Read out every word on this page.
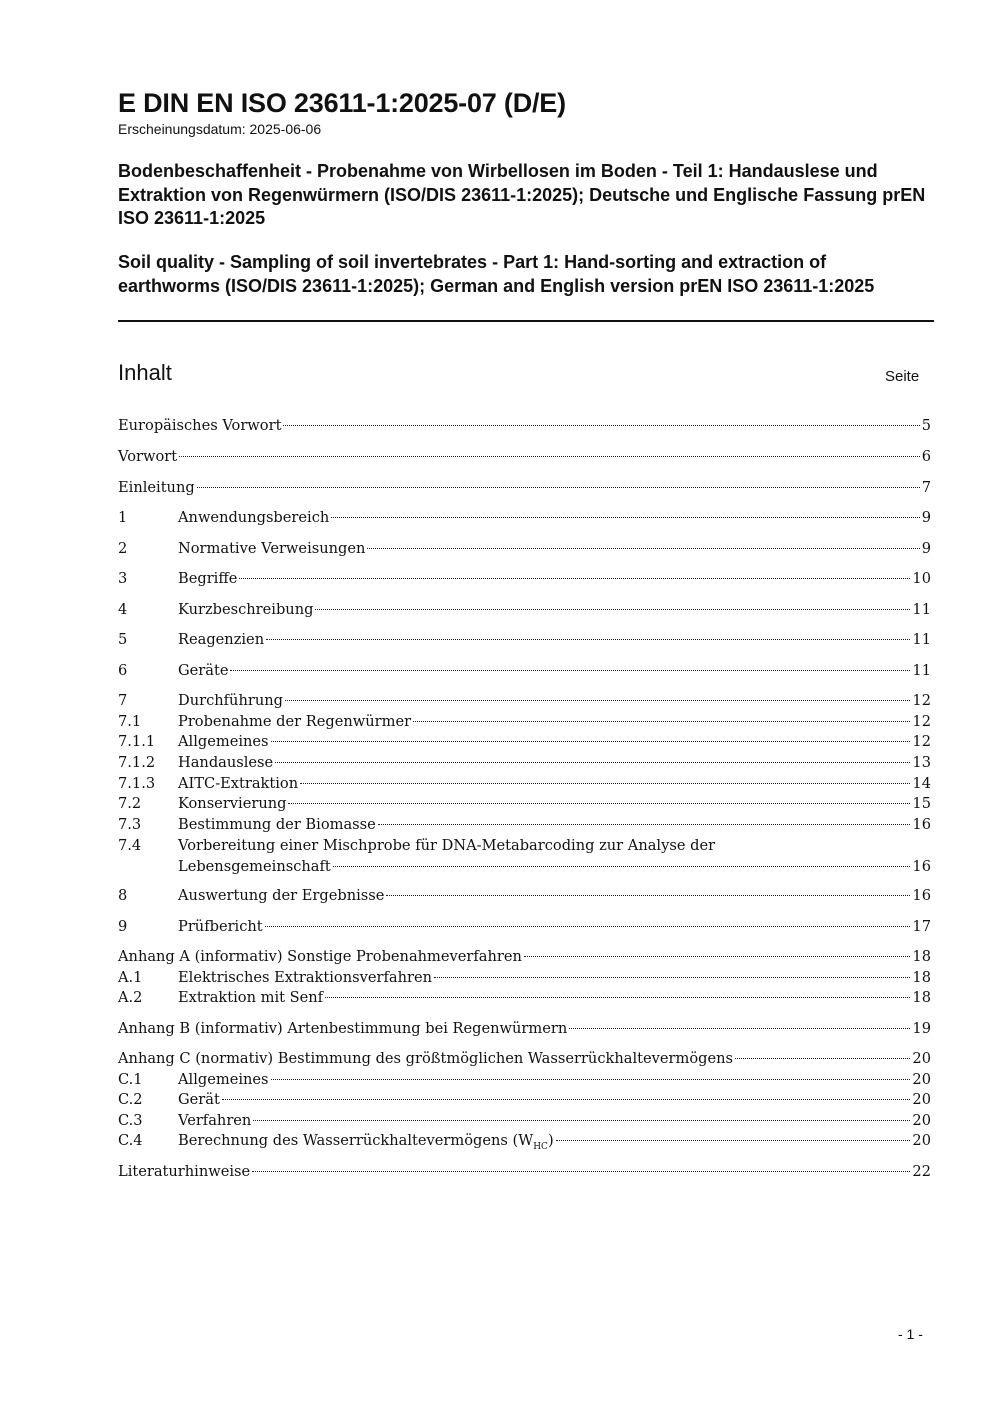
E DIN EN ISO 23611-1:2025-07 (D/E)

Erscheinungsdatum: 2025-06-06

Bodenbeschaffenheit - Probenahme von Wirbellosen im Boden - Teil 1: Handauslese und Extraktion von Regenwürmern (ISO/DIS 23611-1:2025); Deutsche und Englische Fassung prEN ISO 23611-1:2025

Soil quality - Sampling of soil invertebrates - Part 1: Hand-sorting and extraction of earthworms (ISO/DIS 23611-1:2025); German and English version prEN ISO 23611-1:2025

Inhalt	Seite
Europäisches Vorwort	5
Vorwort	6
Einleitung	7
1	Anwendungsbereich	9
2	Normative Verweisungen	9
3	Begriffe	10
4	Kurzbeschreibung	11
5	Reagenzien	11
6	Geräte	11
7	Durchführung	12
7.1	Probenahme der Regenwürmer	12
7.1.1	Allgemeines	12
7.1.2	Handauslese	13
7.1.3	AITC-Extraktion	14
7.2	Konservierung	15
7.3	Bestimmung der Biomasse	16
7.4	Vorbereitung einer Mischprobe für DNA-Metabarcoding zur Analyse der
Lebensgemeinschaft	16
8	Auswertung der Ergebnisse	16
9	Prüfbericht	17
Anhang A (informativ) Sonstige Probenahmeverfahren	18
A.1	Elektrisches Extraktionsverfahren	18
A.2	Extraktion mit Senf	18
Anhang B (informativ) Artenbestimmung bei Regenwürmern	19
Anhang C (normativ) Bestimmung des größtmöglichen Wasserrückhaltevermögens	20
C.1	Allgemeines	20
C.2	Gerät	20
C.3	Verfahren	20
C.4	Berechnung des Wasserrückhaltevermögens $(W_{HC})$	20
Literaturhinweise	22
- 1 -
